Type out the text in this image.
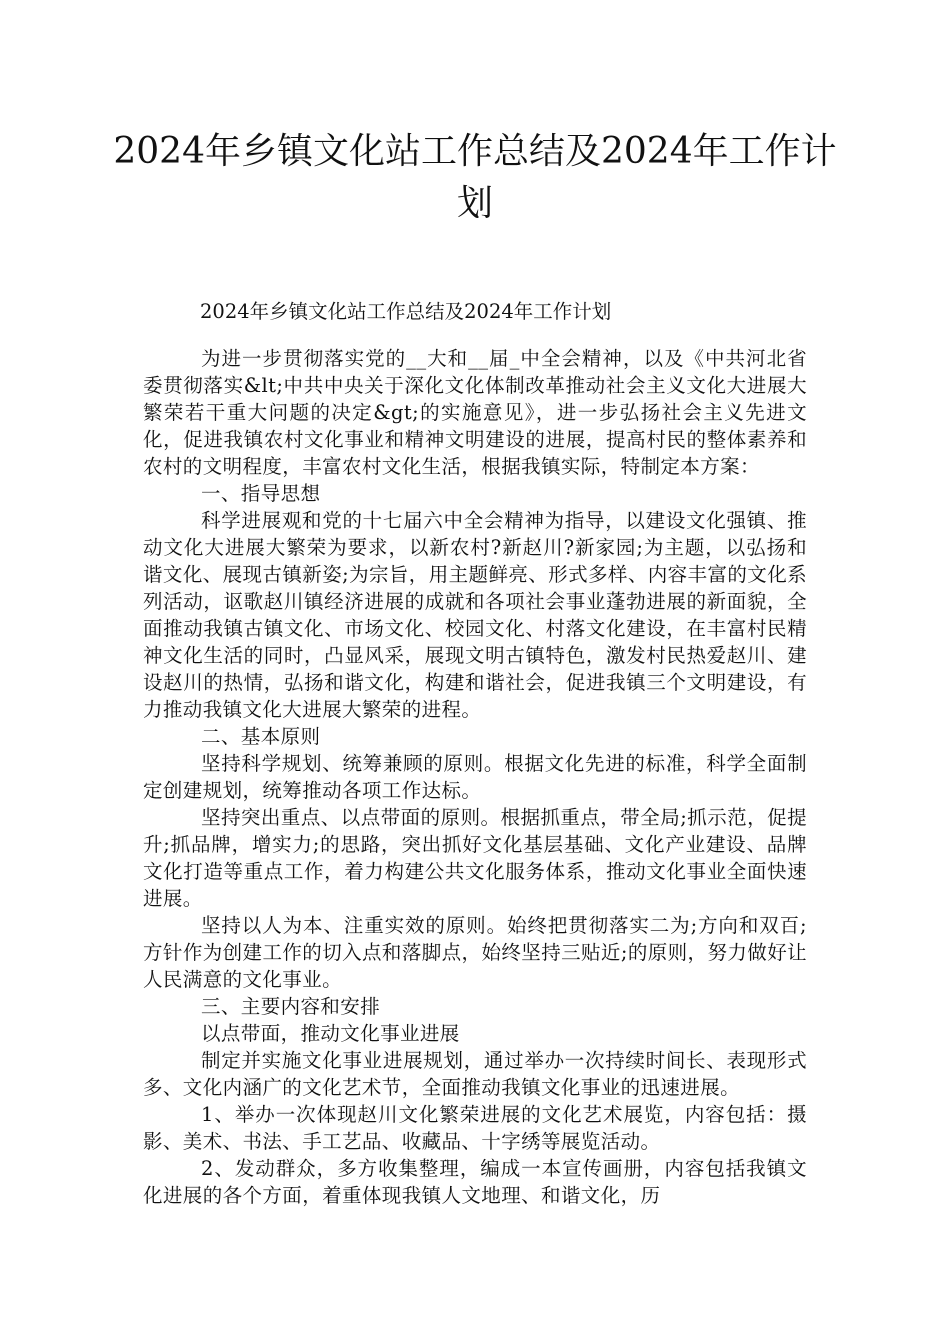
2024年乡镇文化站工作总结及2024年工作计划

2024年乡镇文化站工作总结及2024年工作计划

为进一步贯彻落实党的__大和__届_中全会精神，以及《中共河北省委贯彻落实&lt;中共中央关于深化文化体制改革推动社会主义文化大进展大繁荣若干重大问题的决定&gt;的实施意见》，进一步弘扬社会主义先进文化，促进我镇农村文化事业和精神文明建设的进展，提高村民的整体素养和农村的文明程度，丰富农村文化生活，根据我镇实际，特制定本方案：

一、指导思想

科学进展观和党的十七届六中全会精神为指导，以建设文化强镇、推动文化大进展大繁荣为要求，以新农村?新赵川?新家园;为主题，以弘扬和谐文化、展现古镇新姿;为宗旨，用主题鲜亮、形式多样、内容丰富的文化系列活动，讴歌赵川镇经济进展的成就和各项社会事业蓬勃进展的新面貌，全面推动我镇古镇文化、市场文化、校园文化、村落文化建设，在丰富村民精神文化生活的同时，凸显风采，展现文明古镇特色，激发村民热爱赵川、建设赵川的热情，弘扬和谐文化，构建和谐社会，促进我镇三个文明建设，有力推动我镇文化大进展大繁荣的进程。

二、基本原则

坚持科学规划、统筹兼顾的原则。根据文化先进的标准，科学全面制定创建规划，统筹推动各项工作达标。

坚持突出重点、以点带面的原则。根据抓重点，带全局;抓示范，促提升;抓品牌，增实力;的思路，突出抓好文化基层基础、文化产业建设、品牌文化打造等重点工作，着力构建公共文化服务体系，推动文化事业全面快速进展。

坚持以人为本、注重实效的原则。始终把贯彻落实二为;方向和双百;方针作为创建工作的切入点和落脚点，始终坚持三贴近;的原则，努力做好让人民满意的文化事业。

三、主要内容和安排

以点带面，推动文化事业进展

制定并实施文化事业进展规划，通过举办一次持续时间长、表现形式多、文化内涵广的文化艺术节，全面推动我镇文化事业的迅速进展。

1、举办一次体现赵川文化繁荣进展的文化艺术展览，内容包括：摄影、美术、书法、手工艺品、收藏品、十字绣等展览活动。

2、发动群众，多方收集整理，编成一本宣传画册，内容包括我镇文化进展的各个方面，着重体现我镇人文地理、和谐文化，历
